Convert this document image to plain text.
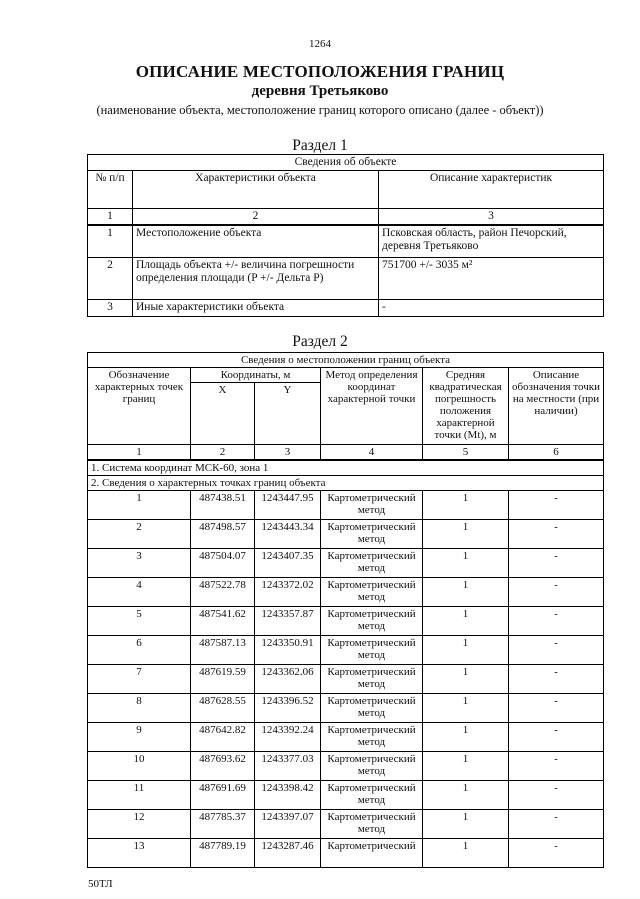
1264
ОПИСАНИЕ МЕСТОПОЛОЖЕНИЯ ГРАНИЦ
деревня Третьяково
(наименование объекта, местоположение границ которого описано (далее - объект))
Раздел 1
Сведения об объекте		
№ п/п	Характеристики объекта	Описание характеристик
1	2	3
1	Местоположение объекта	Псковская область, район Печорский, деревня Третьяково
2	Площадь объекта +/- величина погрешности определения площади (P +/- Дельта P)	751700 +/- 3035 м²
3	Иные характеристики объекта	-
Раздел 2
Сведения о местоположении границ объекта					
Обозначение характерных точек границ	Координаты, м		Метод определения координат характерной точки	Средняя квадратическая погрешность положения характерной точки (Mt), м	Описание обозначения точки на местности (при наличии)
	X	Y			
1	2	3	4	5	6
1. Система координат МСК-60, зона 1					
2. Сведения о характерных точках границ объекта					
1	487438.51	1243447.95	Картометрический метод	1	-
2	487498.57	1243443.34	Картометрический метод	1	-
3	487504.07	1243407.35	Картометрический метод	1	-
4	487522.78	1243372.02	Картометрический метод	1	-
5	487541.62	1243357.87	Картометрический метод	1	-
6	487587.13	1243350.91	Картометрический метод	1	-
7	487619.59	1243362.06	Картометрический метод	1	-
8	487628.55	1243396.52	Картометрический метод	1	-
9	487642.82	1243392.24	Картометрический метод	1	-
10	487693.62	1243377.03	Картометрический метод	1	-
11	487691.69	1243398.42	Картометрический метод	1	-
12	487785.37	1243397.07	Картометрический метод	1	-
13	487789.19	1243287.46	Картометрический	1	-
50ТЛ
